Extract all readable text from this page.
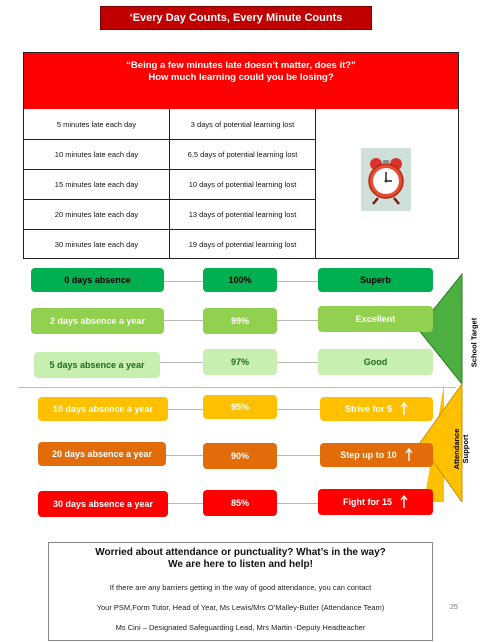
‘Every Day Counts, Every Minute Counts
“Being a few minutes late doesn’t matter, does it?”
How much learning could you be losing?
5 minutes late each day	3 days of potential learning lost
10 minutes late each day	6.5 days of potential learning lost
15 minutes late each day	10 days of potential learning lost
20 minutes late each day	13 days of potential learning lost
30 minutes late each day	19 days of potential learning lost
School Target
Attendance Support
0 days absence	100%	Superb
2 days absence a year	99%	Excellent
5 days absence a year	97%	Good
10 days absence a year	95%	Strive for 5
20 days absence a year	90%	Step up to 10
30 days absence a year	85%	Fight for 15
Worried about attendance or punctuality? What’s in the way?
We are here to listen and help!
If there are any barriers getting in the way of good attendance, you can contact
Your PSM,Form Tutor, Head of Year, Ms Lewis/Mrs O’Malley-Butler (Attendance Team)
Ms Cini – Designated Safeguarding Lead, Mrs Martin -Deputy Headteacher
25
